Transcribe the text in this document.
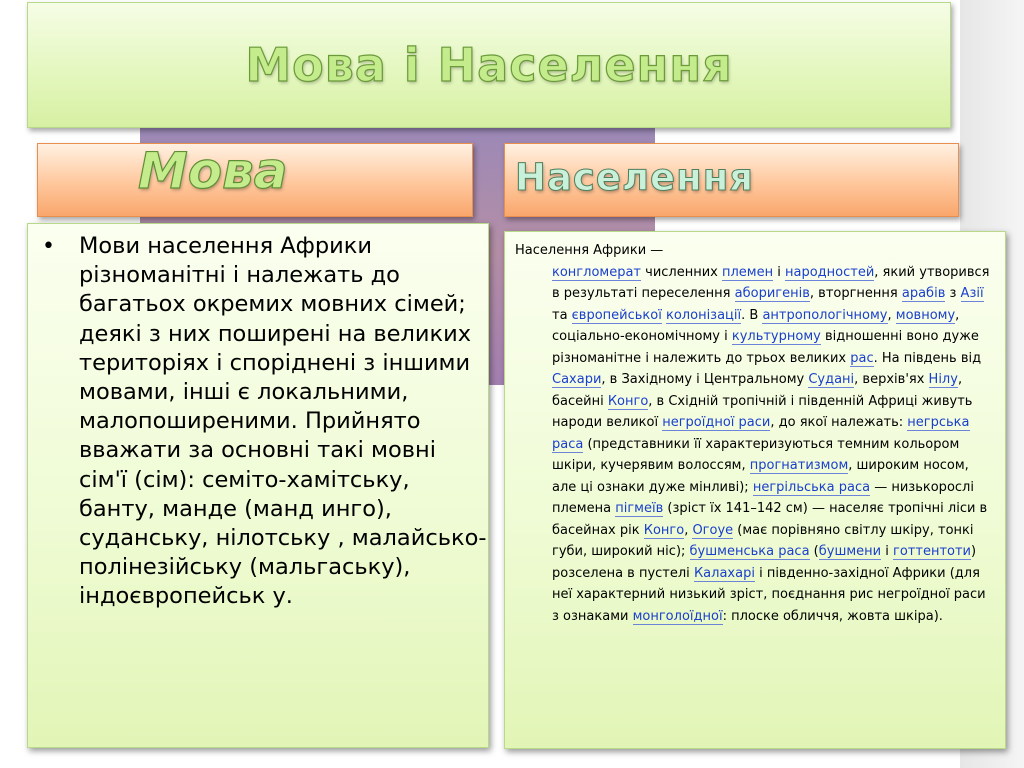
Мова і Населення
Мова	Населення
• Мови населення Африки різноманітні і належать до багатьох окремих мовних сімей; деякі з них поширені на великих територіях і споріднені з іншими мовами, інші є локальними, малопоширеними. Прийнято вважати за основні такі мовні сім'ї (сім): семіто-хамітську, банту, манде (манд инго), суданську, нілотську , малайсько-полінезійську (мальгаську), індоєвропейськ у.
Населення Африки —
конгломерат численних племен і народностей, який утворився в результаті переселення аборигенів, вторгнення арабів з Азії та європейської колонізації. В антропологічному, мовному, соціально-економічному і культурному відношенні воно дуже різноманітне і належить до трьох великих рас. На південь від Сахари, в Західному і Центральному Судані, верхів'ях Нілу, басейні Конго, в Східній тропічній і південній Африці живуть народи великої негроїдної раси, до якої належать: негрська раса (представники її характеризуються темним кольором шкіри, кучерявим волоссям, прогнатизмом, широким носом, але ці ознаки дуже мінливі); негрільська раса — низькорослі племена пігмеїв (зріст їх 141–142 см) — населяє тропічні ліси в басейнах рік Конго, Огоуе (має порівняно світлу шкіру, тонкі губи, широкий ніс); бушменська раса (бушмени і готтентоти) розселена в пустелі Калахарі і південно-західної Африки (для неї характерний низький зріст, поєднання рис негроїдної раси з ознаками монголоїдної: плоске обличчя, жовта шкіра).
